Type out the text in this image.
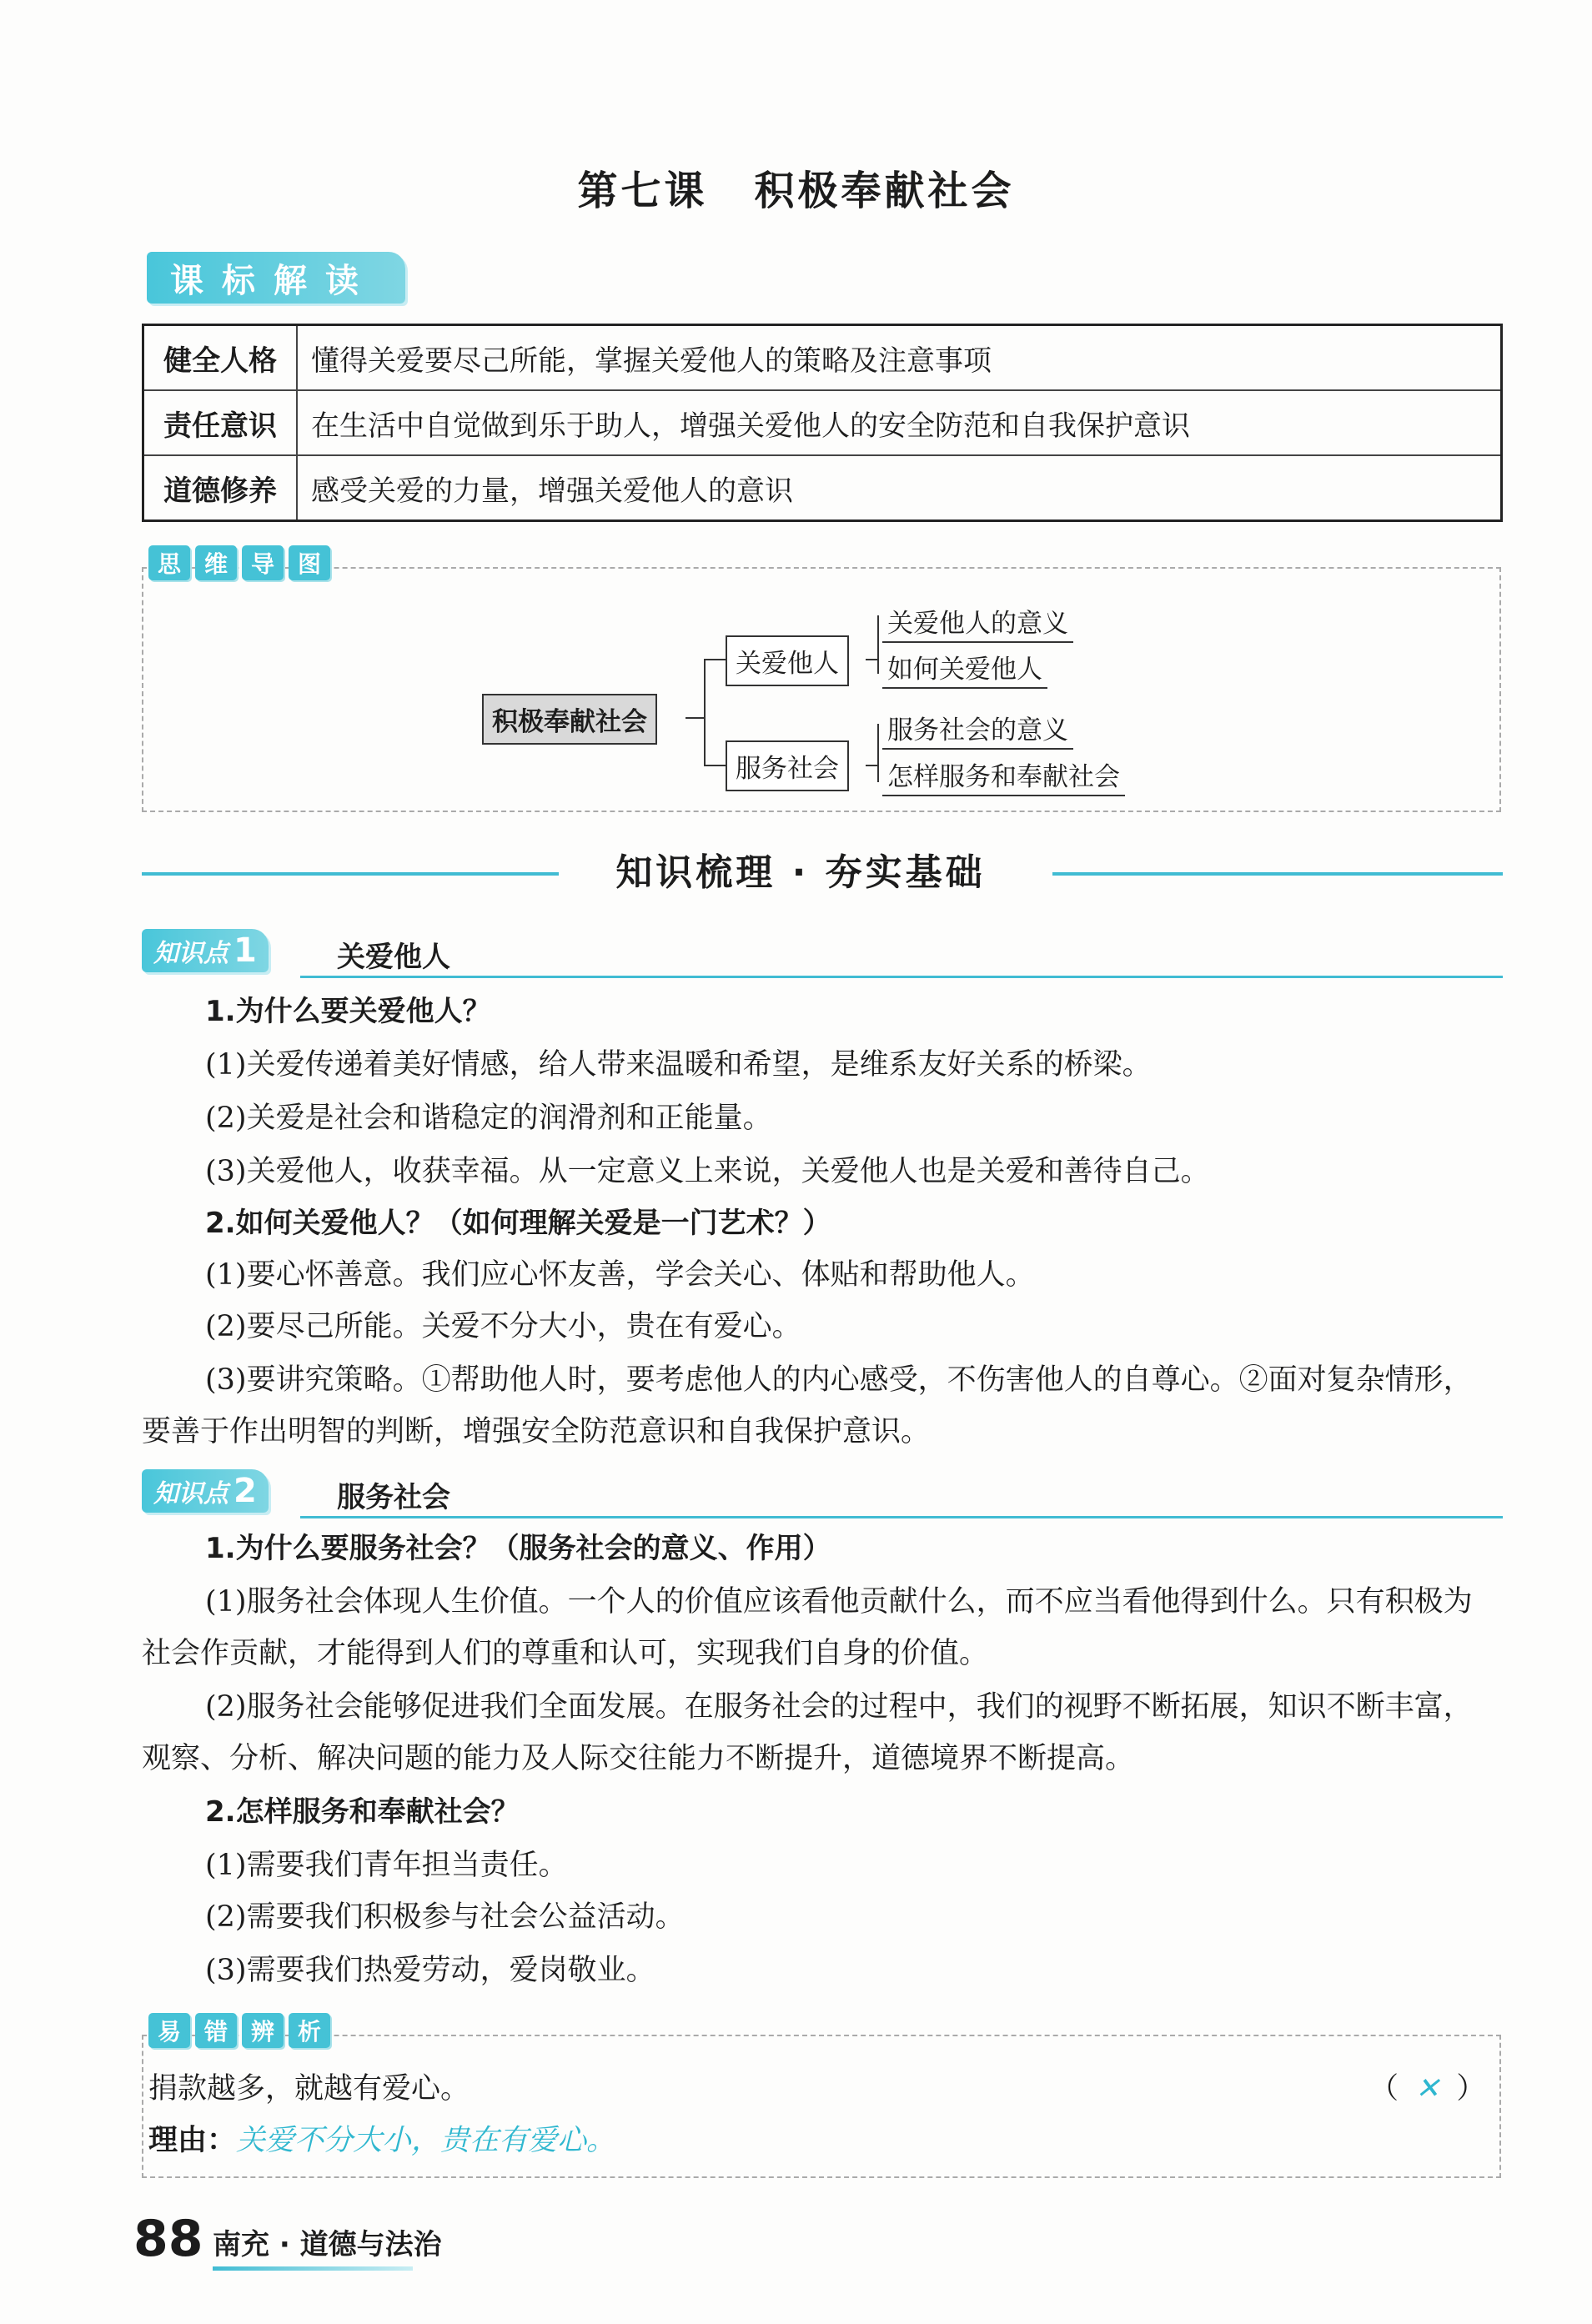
第七课 积极奉献社会
课标解读
健全人格	懂得关爱要尽己所能，掌握关爱他人的策略及注意事项
责任意识	在生活中自觉做到乐于助人，增强关爱他人的安全防范和自我保护意识
道德修养	感受关爱的力量，增强关爱他人的意识
思 维 导 图
积极奉献社会
关爱他人
服务社会
关爱他人的意义
如何关爱他人
服务社会的意义
怎样服务和奉献社会
知识梳理 · 夯实基础
知识点 1	关爱他人
1.为什么要关爱他人？
(1)关爱传递着美好情感，给人带来温暖和希望，是维系友好关系的桥梁。
(2)关爱是社会和谐稳定的润滑剂和正能量。
(3)关爱他人，收获幸福。从一定意义上来说，关爱他人也是关爱和善待自己。
2.如何关爱他人？（如何理解关爱是一门艺术？）
(1)要心怀善意。我们应心怀友善，学会关心、体贴和帮助他人。
(2)要尽己所能。关爱不分大小，贵在有爱心。
(3)要讲究策略。①帮助他人时，要考虑他人的内心感受，不伤害他人的自尊心。②面对复杂情形，要善于作出明智的判断，增强安全防范意识和自我保护意识。
知识点 2	服务社会
1.为什么要服务社会？（服务社会的意义、作用）
(1)服务社会体现人生价值。一个人的价值应该看他贡献什么，而不应当看他得到什么。只有积极为社会作贡献，才能得到人们的尊重和认可，实现我们自身的价值。
(2)服务社会能够促进我们全面发展。在服务社会的过程中，我们的视野不断拓展，知识不断丰富，观察、分析、解决问题的能力及人际交往能力不断提升，道德境界不断提高。
2.怎样服务和奉献社会？
(1)需要我们青年担当责任。
(2)需要我们积极参与社会公益活动。
(3)需要我们热爱劳动，爱岗敬业。
易 错 辨 析
捐款越多，就越有爱心。	（ ✕ ）
理由：关爱不分大小，贵在有爱心。
88 南充 · 道德与法治
